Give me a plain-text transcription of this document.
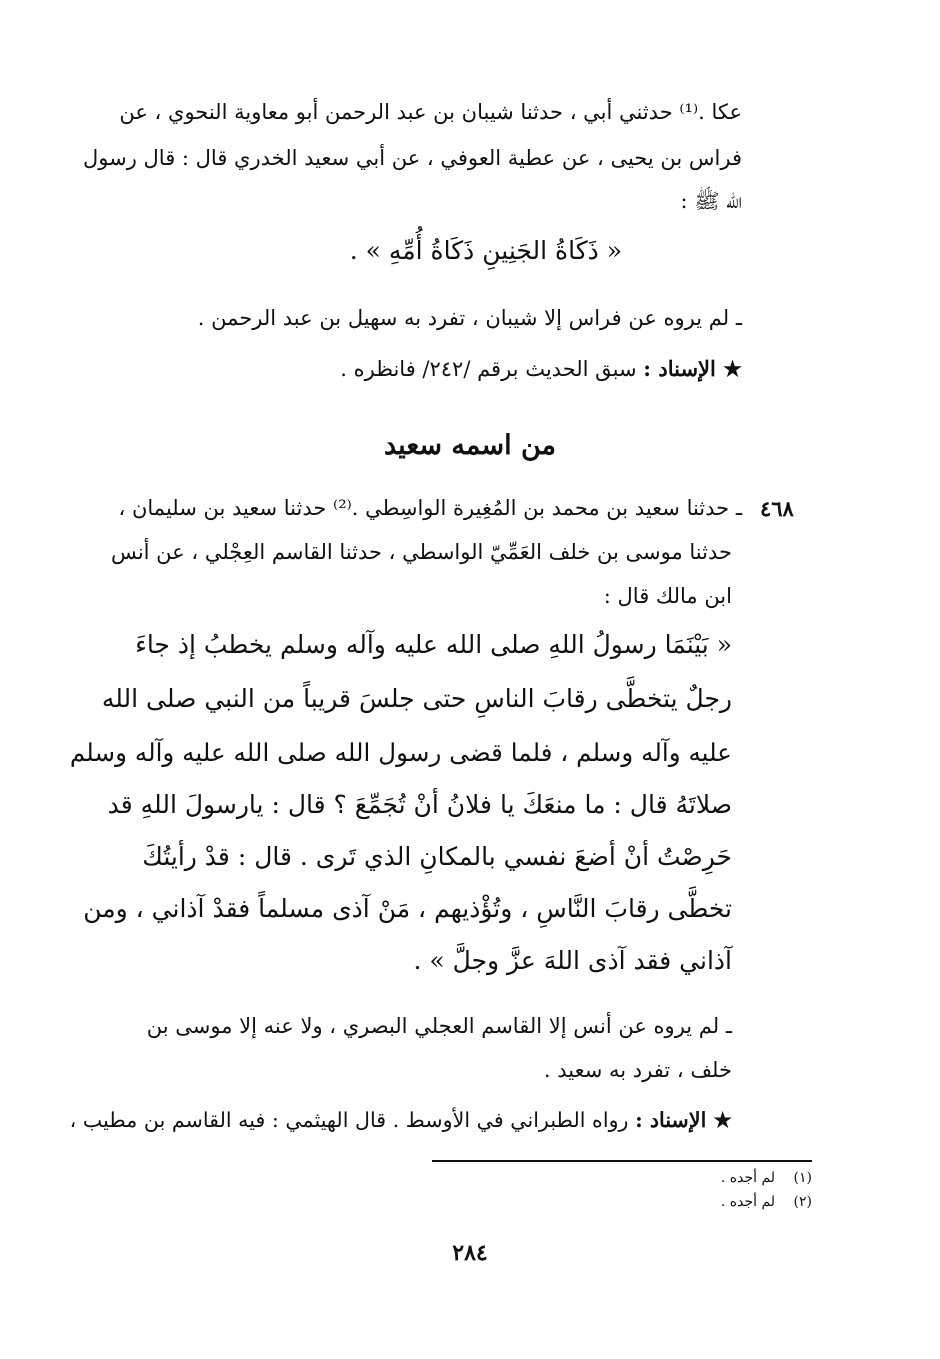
عكا .⁽¹⁾ حدثني أبي ، حدثنا شيبان بن عبد الرحمن أبو معاوية النحوي ، عن
فراس بن يحيى ، عن عطية العوفي ، عن أبي سعيد الخدري قال : قال رسول
الله ﷺ :
« ذَكَاةُ الجَنِينِ ذَكَاةُ أُمِّهِ » .
ـ لم يروه عن فراس إلا شيبان ، تفرد به سهيل بن عبد الرحمن .
★ الإسناد : سبق الحديث برقم /٢٤٢/ فانظره .
من اسمه سعيد
٤٦٨
ـ حدثنا سعيد بن محمد بن المُغِيرة الواسِطي .⁽²⁾ حدثنا سعيد بن سليمان ،
حدثنا موسى بن خلف العَمِّيّ الواسطي ، حدثنا القاسم العِجْلي ، عن أنس
ابن مالك قال :
« بَيْنَمَا رسولُ اللهِ صلى الله عليه وآله وسلم يخطبُ إذ جاءَ
رجلٌ يتخطَّى رقابَ الناسِ حتى جلسَ قريباً من النبي صلى الله
عليه وآله وسلم ، فلما قضى رسول الله صلى الله عليه وآله وسلم
صلاتَهُ قال : ما منعَكَ يا فلانُ أنْ تُجَمِّعَ ؟ قال : يارسولَ اللهِ قد
حَرِصْتُ أنْ أضعَ نفسي بالمكانِ الذي تَرى . قال : قدْ رأيتُكَ
تخطَّى رقابَ النَّاسِ ، وتُؤْذيهم ، مَنْ آذى مسلماً فقدْ آذاني ، ومن
آذاني فقد آذى اللهَ عزَّ وجلَّ » .
ـ لم يروه عن أنس إلا القاسم العجلي البصري ، ولا عنه إلا موسى بن
خلف ، تفرد به سعيد .
★ الإسناد : رواه الطبراني في الأوسط . قال الهيثمي : فيه القاسم بن مطيب ،
(١) لم أجده .
(٢) لم أجده .
٢٨٤
